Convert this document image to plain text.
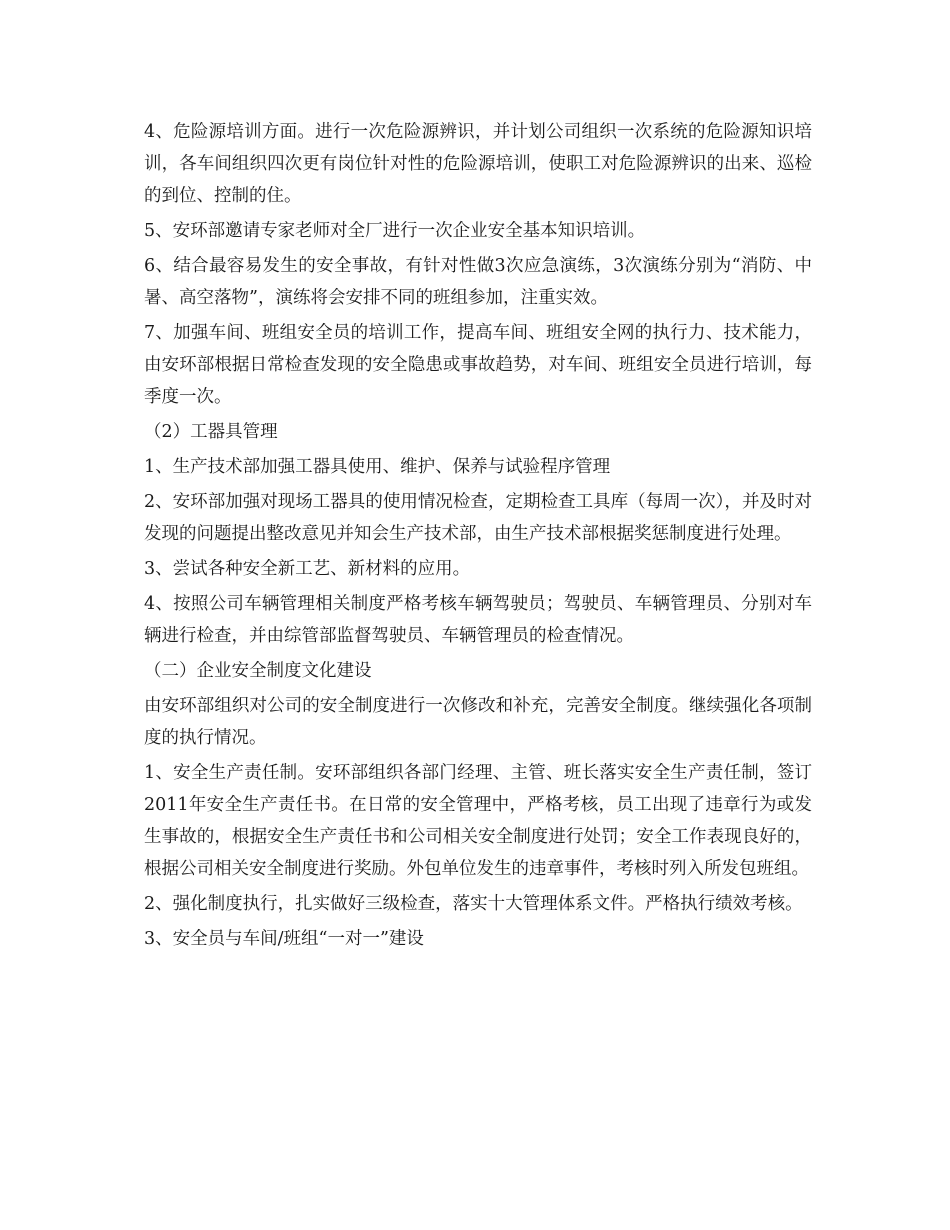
4、危险源培训方面。进行一次危险源辨识，并计划公司组织一次系统的危险源知识培训，各车间组织四次更有岗位针对性的危险源培训，使职工对危险源辨识的出来、巡检的到位、控制的住。

5、安环部邀请专家老师对全厂进行一次企业安全基本知识培训。

6、结合最容易发生的安全事故，有针对性做3次应急演练，3次演练分别为“消防、中暑、高空落物”，演练将会安排不同的班组参加，注重实效。

7、加强车间、班组安全员的培训工作，提高车间、班组安全网的执行力、技术能力，由安环部根据日常检查发现的安全隐患或事故趋势，对车间、班组安全员进行培训，每季度一次。

（2）工器具管理

1、生产技术部加强工器具使用、维护、保养与试验程序管理

2、安环部加强对现场工器具的使用情况检查，定期检查工具库（每周一次），并及时对发现的问题提出整改意见并知会生产技术部，由生产技术部根据奖惩制度进行处理。

3、尝试各种安全新工艺、新材料的应用。

4、按照公司车辆管理相关制度严格考核车辆驾驶员；驾驶员、车辆管理员、分别对车辆进行检查，并由综管部监督驾驶员、车辆管理员的检查情况。

（二）企业安全制度文化建设

由安环部组织对公司的安全制度进行一次修改和补充，完善安全制度。继续强化各项制度的执行情况。

1、安全生产责任制。安环部组织各部门经理、主管、班长落实安全生产责任制，签订2011年安全生产责任书。在日常的安全管理中，严格考核，员工出现了违章行为或发生事故的，根据安全生产责任书和公司相关安全制度进行处罚；安全工作表现良好的，根据公司相关安全制度进行奖励。外包单位发生的违章事件，考核时列入所发包班组。

2、强化制度执行，扎实做好三级检查，落实十大管理体系文件。严格执行绩效考核。

3、安全员与车间/班组“一对一”建设
